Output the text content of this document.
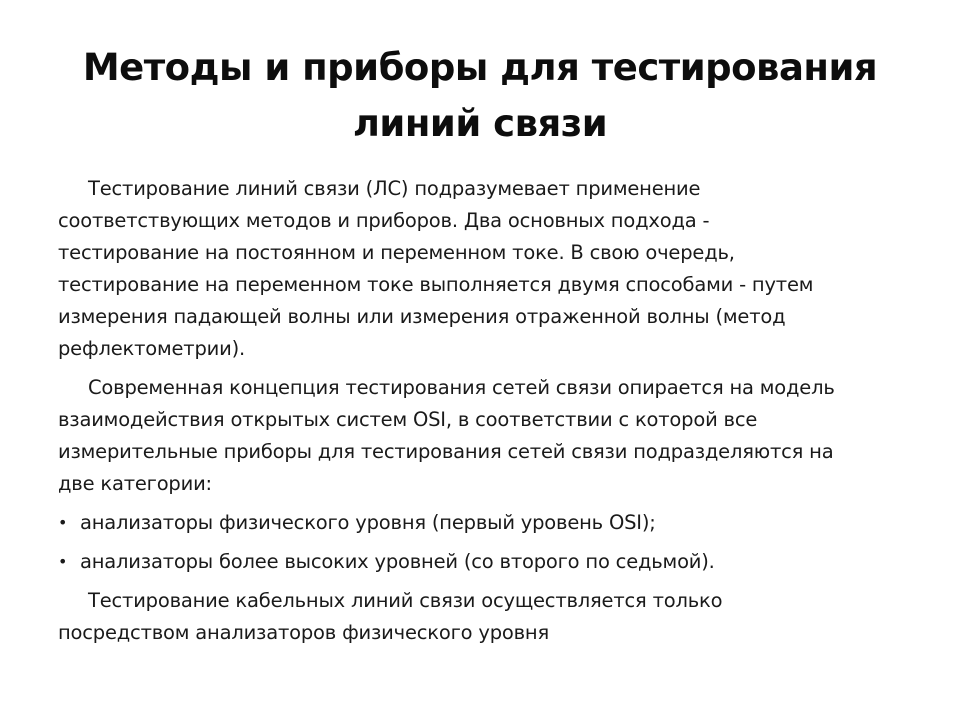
Методы и приборы для тестирования
линий связи
Тестирование линий связи (ЛС) подразумевает применение
соответствующих методов и приборов. Два основных подхода -
тестирование на постоянном и переменном токе. В свою очередь,
тестирование на переменном токе выполняется двумя способами - путем
измерения падающей волны или измерения отраженной волны (метод
рефлектометрии).
Современная концепция тестирования сетей связи опирается на модель
взаимодействия открытых систем OSI, в соответствии с которой все
измерительные приборы для тестирования сетей связи подразделяются на
две категории:
• анализаторы физического уровня (первый уровень OSI);
• анализаторы более высоких уровней (со второго по седьмой).
Тестирование кабельных линий связи осуществляется только
посредством анализаторов физического уровня
